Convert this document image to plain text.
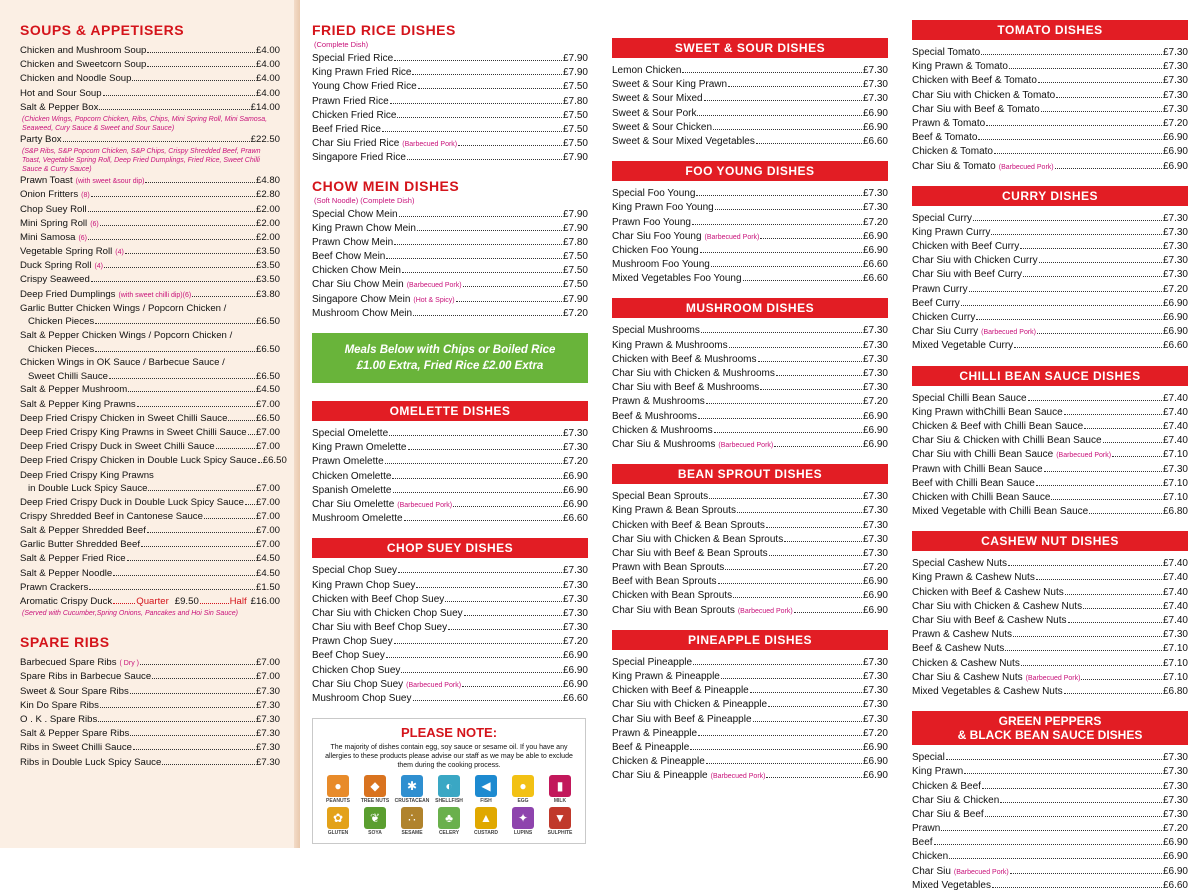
SOUPS & APPETISERS
Chicken and Mushroom Soup	£4.00
Chicken and Sweetcorn Soup	£4.00
Chicken and Noodle Soup	£4.00
Hot and Sour Soup	£4.00
Salt & Pepper Box	£14.00
(Chicken Wings, Popcorn Chicken, Ribs, Chips, Mini Spring Roll, Mini Samosa, Seaweed, Cury Sauce & Sweet and Sour Sauce)
Party Box	£22.50
(S&P Ribs, S&P Popcorn Chicken, S&P Chips, Crispy Shredded Beef, Prawn Toast, Vegetable Spring Roll, Deep Fried Dumplings, Fried Rice, Sweet Chilli Sauce & Curry Sauce)
Prawn Toast (with sweet &sour dip)	£4.80
Onion Fritters (8)	£2.80
Chop Suey Roll	£2.00
Mini Spring Roll (6)	£2.00
Mini Samosa (6)	£2.00
Vegetable Spring Roll (4)	£3.50
Duck Spring Roll (4)	£3.50
Crispy Seaweed	£3.50
Deep Fried Dumplings (with sweet chilli dip)(6)	£3.80
Garlic Butter Chicken Wings / Popcorn Chicken /
Chicken Pieces	£6.50
Salt & Pepper Chicken Wings / Popcorn Chicken /
Chicken Pieces	£6.50
Chicken Wings in OK Sauce / Barbecue Sauce /
Sweet Chilli Sauce	£6.50
Salt & Pepper Mushroom	£4.50
Salt & Pepper King Prawns	£7.00
Deep Fried Crispy Chicken in Sweet Chilli Sauce	£6.50
Deep Fried Crispy King Prawns in Sweet Chilli Sauce £7.00
Deep Fried Crispy Duck in Sweet Chilli Sauce	£7.00
Deep Fried Crispy Chicken in Double Luck Spicy Sauce £6.50
Deep Fried Crispy King Prawns
in Double Luck Spicy Sauce	£7.00
Deep Fried Crispy Duck in Double Luck Spicy Sauce £7.00
Crispy Shredded Beef in Cantonese Sauce	£7.00
Salt & Pepper Shredded Beef	£7.00
Garlic Butter Shredded Beef	£7.00
Salt & Pepper Fried Rice	£4.50
Salt & Pepper Noodle	£4.50
Prawn Crackers	£1.50
Aromatic Crispy Duck	Quarter £9.50	Half £16.00
(Served with Cucumber,Spring Onions, Pancakes and Hoi Sin Sauce)
SPARE RIBS
Barbecued Spare Ribs ( Dry )	£7.00
Spare Ribs in Barbecue Sauce	£7.00
Sweet & Sour Spare Ribs	£7.30
Kin Do Spare Ribs	£7.30
O . K . Spare Ribs	£7.30
Salt & Pepper Spare Ribs	£7.30
Ribs in Sweet Chilli Sauce	£7.30
Ribs in Double Luck Spicy Sauce	£7.30
FRIED RICE DISHES
(Complete Dish)
Special Fried Rice	£7.90
King Prawn Fried Rice	£7.90
Young Chow Fried Rice	£7.50
Prawn Fried Rice	£7.80
Chicken Fried Rice	£7.50
Beef Fried Rice	£7.50
Char Siu Fried Rice (Barbecued Pork)	£7.50
Singapore Fried Rice	£7.90
CHOW MEIN DISHES
(Soft Noodle) (Complete Dish)
Special Chow Mein	£7.90
King Prawn Chow Mein	£7.90
Prawn Chow Mein	£7.80
Beef Chow Mein	£7.50
Chicken Chow Mein	£7.50
Char Siu Chow Mein (Barbecued Pork)	£7.50
Singapore Chow Mein (Hot & Spicy)	£7.90
Mushroom Chow Mein	£7.20
Meals Below with Chips or Boiled Rice
£1.00 Extra, Fried Rice £2.00 Extra
OMELETTE DISHES
Special Omelette	£7.30
King Prawn Omelette	£7.30
Prawn Omelette	£7.20
Chicken Omelette	£6.90
Spanish Omelette	£6.90
Char Siu Omelette (Barbecued Pork)	£6.90
Mushroom Omelette	£6.60
CHOP SUEY DISHES
Special Chop Suey	£7.30
King Prawn Chop Suey	£7.30
Chicken with Beef Chop Suey	£7.30
Char Siu with Chicken Chop Suey	£7.30
Char Siu with Beef Chop Suey	£7.30
Prawn Chop Suey	£7.20
Beef Chop Suey	£6.90
Chicken Chop Suey	£6.90
Char Siu Chop Suey (Barbecued Pork)	£6.90
Mushroom Chop Suey	£6.60
PLEASE NOTE:
The majority of dishes contain egg, soy sauce or sesame oil. If you have any allergies to these products please advise our staff as we may be able to exclude them during the cooking process.
●
PEANUTS
◆
TREE NUTS
✱
CRUSTACEAN
◐
SHELLFISH
◀
FISH
●
EGG
▮
MILK
✿
GLUTEN
❦
SOYA
∴
SESAME
♣
CELERY
▲
CUSTARD
✦
LUPINS
▼
SULPHITE
SWEET & SOUR DISHES
Lemon Chicken	£7.30
Sweet & Sour King Prawn	£7.30
Sweet & Sour Mixed	£7.30
Sweet & Sour Pork	£6.90
Sweet & Sour Chicken	£6.90
Sweet & Sour Mixed Vegetables	£6.60
FOO YOUNG DISHES
Special Foo Young	£7.30
King Prawn Foo Young	£7.30
Prawn Foo Young	£7.20
Char Siu Foo Young (Barbecued Pork)	£6.90
Chicken Foo Young	£6.90
Mushroom Foo Young	£6.60
Mixed Vegetables Foo Young	£6.60
MUSHROOM DISHES
Special Mushrooms	£7.30
King Prawn & Mushrooms	£7.30
Chicken with Beef & Mushrooms	£7.30
Char Siu with Chicken & Mushrooms	£7.30
Char Siu with Beef & Mushrooms	£7.30
Prawn & Mushrooms	£7.20
Beef & Mushrooms	£6.90
Chicken & Mushrooms	£6.90
Char Siu & Mushrooms (Barbecued Pork)	£6.90
BEAN SPROUT DISHES
Special Bean Sprouts	£7.30
King Prawn & Bean Sprouts	£7.30
Chicken with Beef & Bean Sprouts	£7.30
Char Siu with Chicken & Bean Sprouts	£7.30
Char Siu with Beef & Bean Sprouts	£7.30
Prawn with Bean Sprouts	£7.20
Beef with Bean Sprouts	£6.90
Chicken with Bean Sprouts	£6.90
Char Siu with Bean Sprouts (Barbecued Pork)	£6.90
PINEAPPLE DISHES
Special Pineapple	£7.30
King Prawn & Pineapple	£7.30
Chicken with Beef & Pineapple	£7.30
Char Siu with Chicken & Pineapple	£7.30
Char Siu with Beef & Pineapple	£7.30
Prawn & Pineapple	£7.20
Beef & Pineapple	£6.90
Chicken & Pineapple	£6.90
Char Siu & Pineapple (Barbecued Pork)	£6.90
TOMATO DISHES
Special Tomato	£7.30
King Prawn & Tomato	£7.30
Chicken with Beef & Tomato	£7.30
Char Siu with Chicken & Tomato	£7.30
Char Siu with Beef & Tomato	£7.30
Prawn & Tomato	£7.20
Beef & Tomato	£6.90
Chicken & Tomato	£6.90
Char Siu & Tomato (Barbecued Pork)	£6.90
CURRY DISHES
Special Curry	£7.30
King Prawn Curry	£7.30
Chicken with Beef Curry	£7.30
Char Siu with Chicken Curry	£7.30
Char Siu with Beef Curry	£7.30
Prawn Curry	£7.20
Beef Curry	£6.90
Chicken Curry	£6.90
Char Siu Curry (Barbecued Pork)	£6.90
Mixed Vegetable Curry	£6.60
CHILLI BEAN SAUCE DISHES
Special Chilli Bean Sauce	£7.40
King Prawn withChilli Bean Sauce	£7.40
Chicken & Beef with Chilli Bean Sauce	£7.40
Char Siu & Chicken with Chilli Bean Sauce	£7.40
Char Siu with Chilli Bean Sauce (Barbecued Pork)	£7.10
Prawn with Chilli Bean Sauce	£7.30
Beef with Chilli Bean Sauce	£7.10
Chicken with Chilli Bean Sauce	£7.10
Mixed Vegetable with Chilli Bean Sauce	£6.80
CASHEW NUT DISHES
Special Cashew Nuts	£7.40
King Prawn & Cashew Nuts	£7.40
Chicken with Beef & Cashew Nuts	£7.40
Char Siu with Chicken & Cashew Nuts	£7.40
Char Siu with Beef & Cashew Nuts	£7.40
Prawn & Cashew Nuts	£7.30
Beef & Cashew Nuts	£7.10
Chicken & Cashew Nuts	£7.10
Char Siu & Cashew Nuts (Barbecued Pork)	£7.10
Mixed Vegetables & Cashew Nuts	£6.80
GREEN PEPPERS
& BLACK BEAN SAUCE DISHES
Special	£7.30
King Prawn	£7.30
Chicken & Beef	£7.30
Char Siu & Chicken	£7.30
Char Siu & Beef	£7.30
Prawn	£7.20
Beef	£6.90
Chicken	£6.90
Char Siu (Barbecued Pork)	£6.90
Mixed Vegetables	£6.60
